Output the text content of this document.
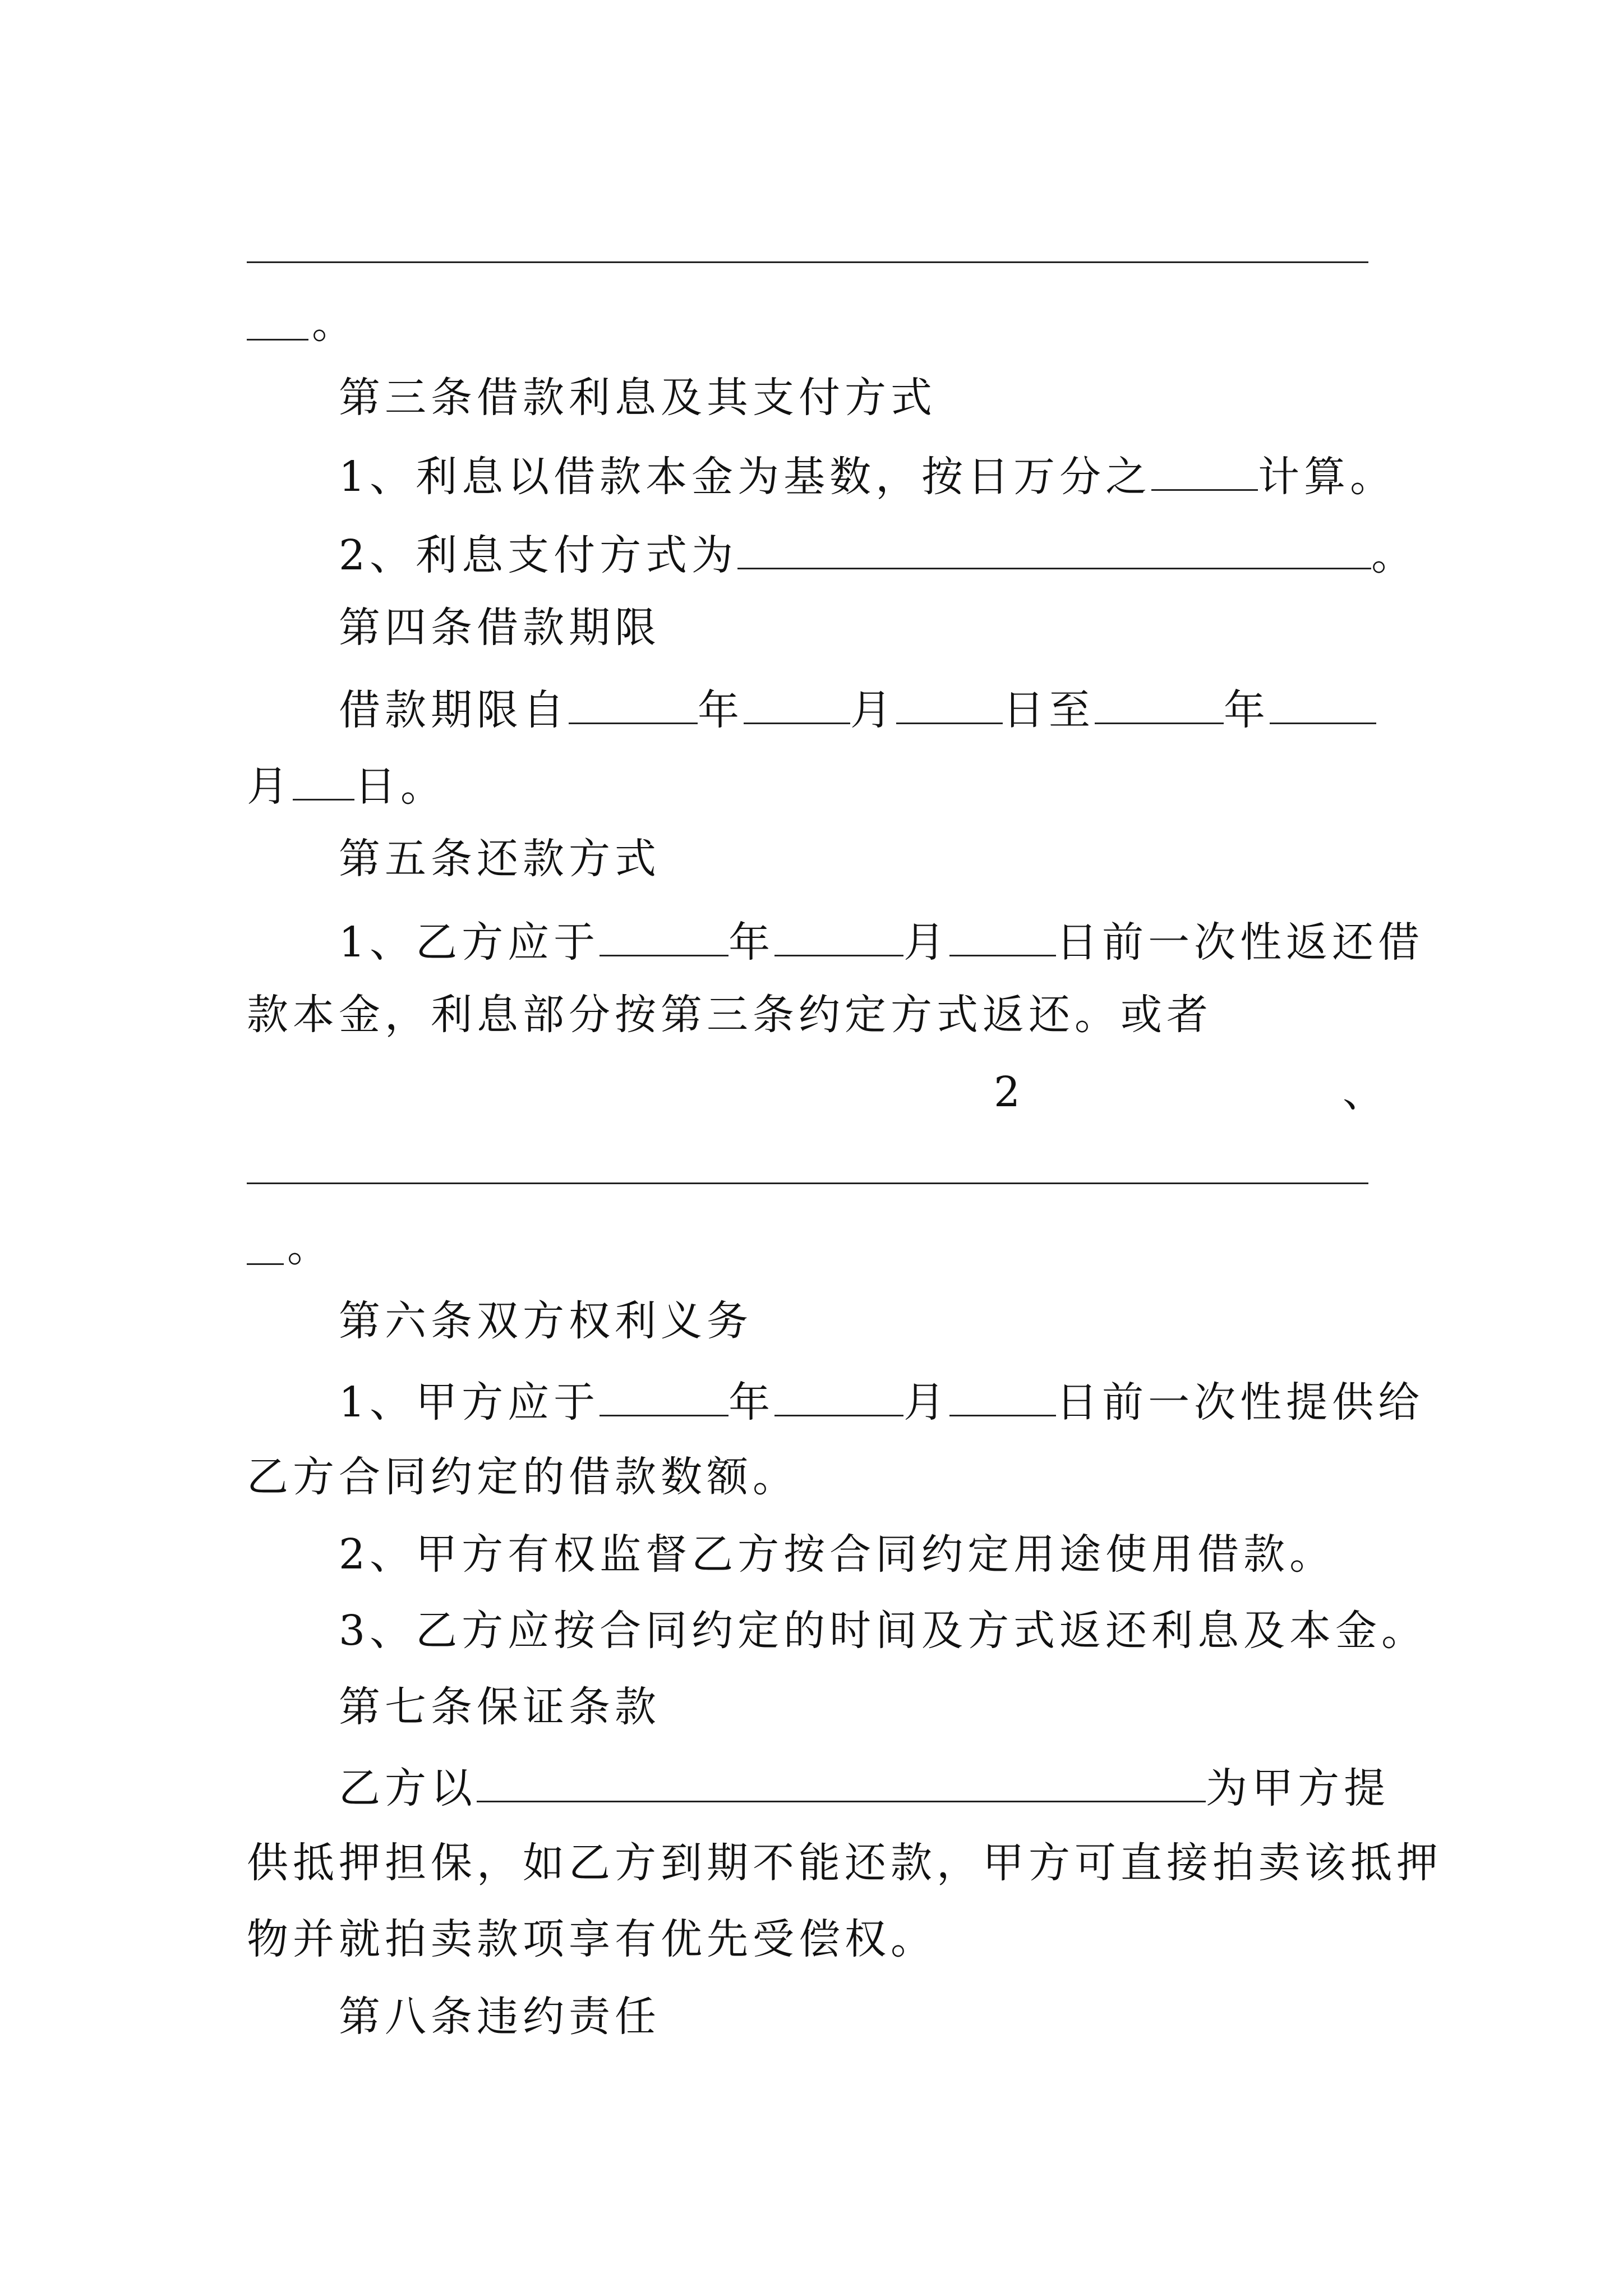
。
第三条借款利息及其支付方式
1、利息以借款本金为基数，按日万分之	计算。
2、利息支付方式为	。
第四条借款期限
借款期限自	年	月	日至	年
月 日。
第五条还款方式
1、乙方应于	年	月	日前一次性返还借
款本金，利息部分按第三条约定方式返还。或者
2	、
。
第六条双方权利义务
1、甲方应于	年	月	日前一次性提供给
乙方合同约定的借款数额。
2、甲方有权监督乙方按合同约定用途使用借款。
3、乙方应按合同约定的时间及方式返还利息及本金。
第七条保证条款
乙方以	为甲方提
供抵押担保，如乙方到期不能还款，甲方可直接拍卖该抵押
物并就拍卖款项享有优先受偿权。
第八条违约责任
